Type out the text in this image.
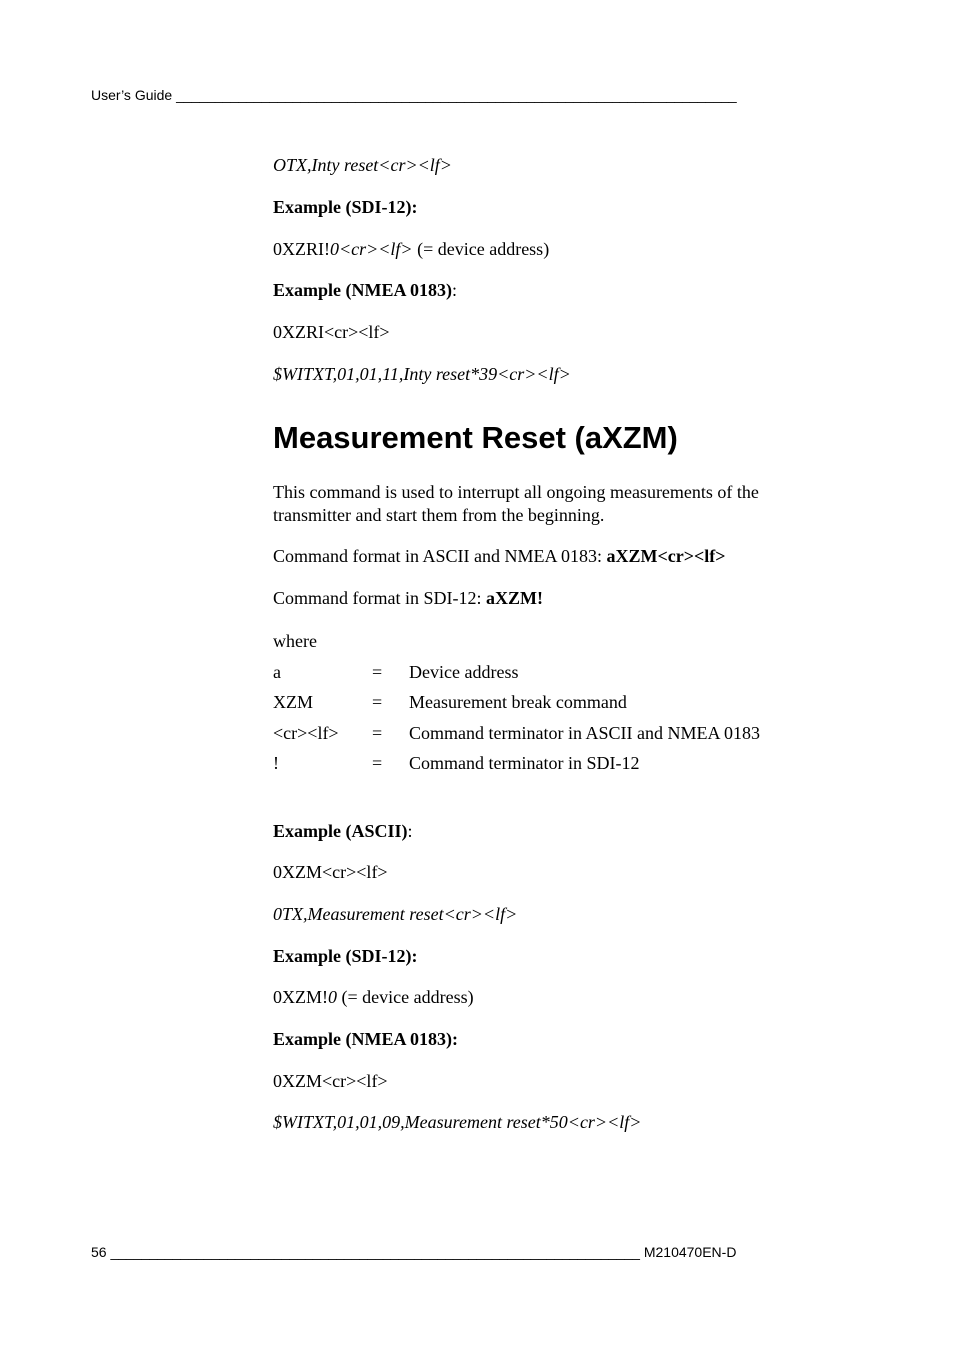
User’s Guide ________________________________________________________________________
OTX,Inty reset<cr><lf>
Example (SDI-12):
0XZRI!0<cr><lf> (= device address)
Example (NMEA 0183):
0XZRI<cr><lf>
$WITXT,01,01,11,Inty reset*39<cr><lf>
Measurement Reset (aXZM)
This command is used to interrupt all ongoing measurements of the transmitter and start them from the beginning.
Command format in ASCII and NMEA 0183: aXZM<cr><lf>
Command format in SDI-12: aXZM!
where
a	= Device address
XZM	= Measurement break command
<cr><lf> = Command terminator in ASCII and NMEA 0183
!	= Command terminator in SDI-12
Example (ASCII):
0XZM<cr><lf>
0TX,Measurement reset<cr><lf>
Example (SDI-12):
0XZM!0 (= device address)
Example (NMEA 0183):
0XZM<cr><lf>
$WITXT,01,01,09,Measurement reset*50<cr><lf>
56 ____________________________________________________________________ M210470EN-D
